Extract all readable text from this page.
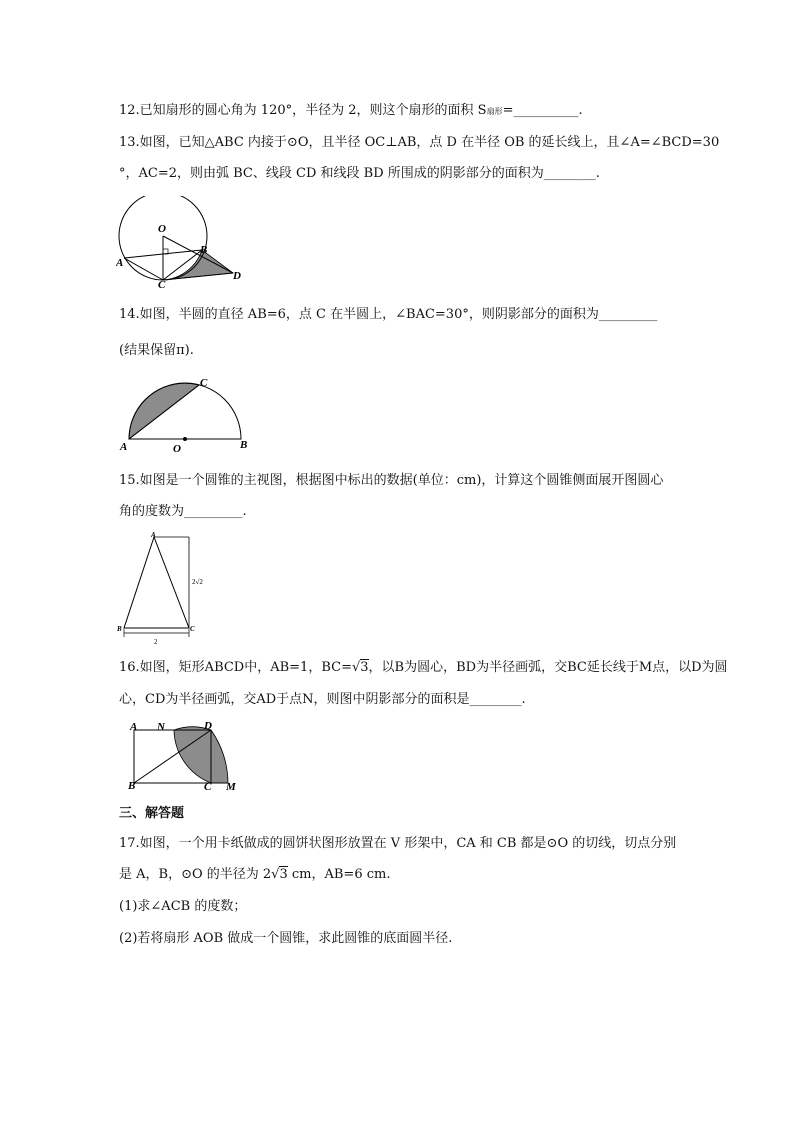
12.已知扇形的圆心角为 120°，半径为 2，则这个扇形的面积 S扇形=__________.
13.如图，已知△ABC 内接于⊙O，且半径 OC⊥AB，点 D 在半径 OB 的延长线上，且∠A=∠BCD=30
°，AC=2，则由弧 BC、线段 CD 和线段 BD 所围成的阴影部分的面积为________.
O
A
B
C
D
14.如图，半圆的直径 AB=6，点 C 在半圆上，∠BAC=30°，则阴影部分的面积为_________
(结果保留π).
C
A	O	B
15.如图是一个圆锥的主视图，根据图中标出的数据(单位：cm)，计算这个圆锥侧面展开图圆心
角的度数为_________.
A
B	C
2
2√2
16.如图，矩形ABCD中，AB=1，BC=√3，以B为圆心，BD为半径画弧，交BC延长线于M点，以D为圆
心，CD为半径画弧，交AD于点N，则图中阴影部分的面积是________.
A N	D
B	C M
三、解答题
17.如图，一个用卡纸做成的圆饼状图形放置在 V 形架中，CA 和 CB 都是⊙O 的切线，切点分别
是 A，B，⊙O 的半径为 2√3 cm，AB=6 cm.
(1)求∠ACB 的度数；
(2)若将扇形 AOB 做成一个圆锥，求此圆锥的底面圆半径.
